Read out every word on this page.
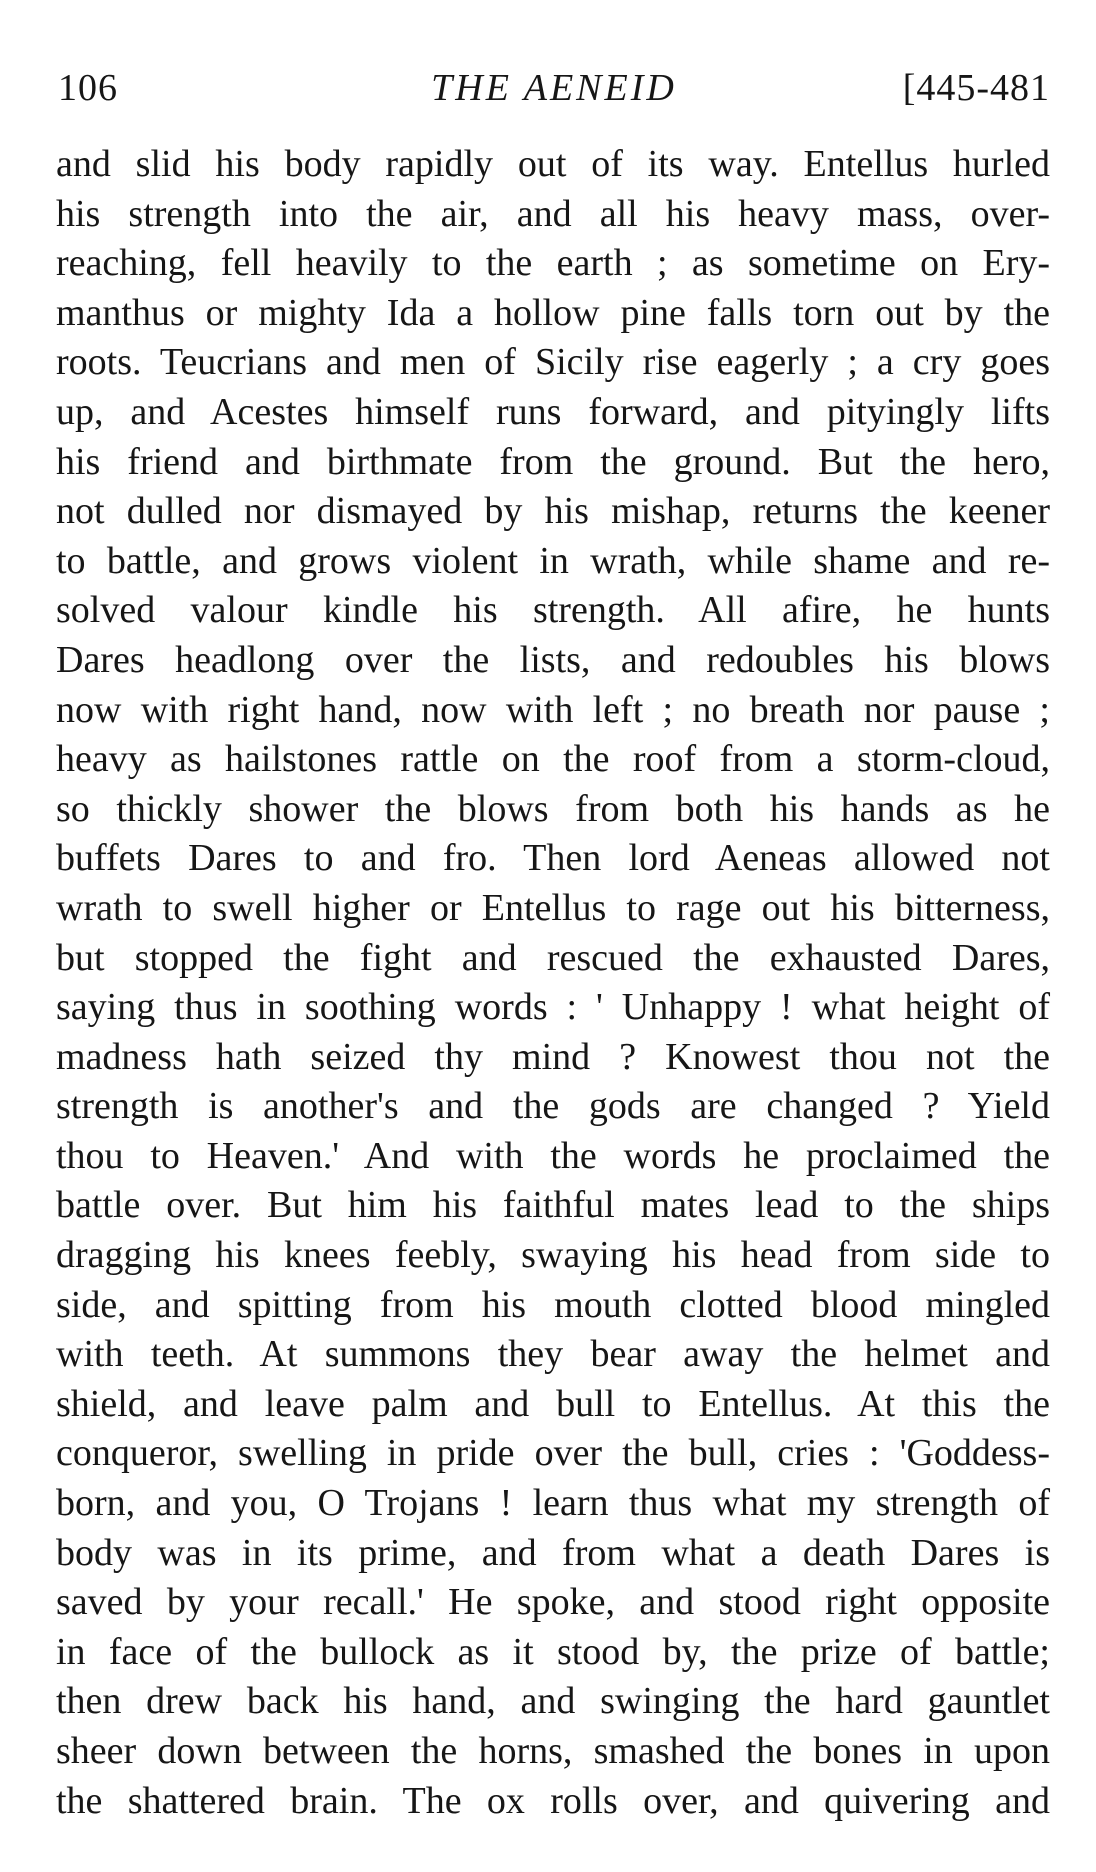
106	THE AENEID	[445-481
and slid his body rapidly out of its way. Entellus hurled
his strength into the air, and all his heavy mass, over-
reaching, fell heavily to the earth ; as sometime on Ery-
manthus or mighty Ida a hollow pine falls torn out by the
roots. Teucrians and men of Sicily rise eagerly ; a cry goes
up, and Acestes himself runs forward, and pityingly lifts
his friend and birthmate from the ground. But the hero,
not dulled nor dismayed by his mishap, returns the keener
to battle, and grows violent in wrath, while shame and re-
solved valour kindle his strength. All afire, he hunts
Dares headlong over the lists, and redoubles his blows
now with right hand, now with left ; no breath nor pause ;
heavy as hailstones rattle on the roof from a storm-cloud,
so thickly shower the blows from both his hands as he
buffets Dares to and fro. Then lord Aeneas allowed not
wrath to swell higher or Entellus to rage out his bitterness,
but stopped the fight and rescued the exhausted Dares,
saying thus in soothing words : ' Unhappy ! what height of
madness hath seized thy mind ? Knowest thou not the
strength is another's and the gods are changed ? Yield
thou to Heaven.' And with the words he proclaimed the
battle over. But him his faithful mates lead to the ships
dragging his knees feebly, swaying his head from side to
side, and spitting from his mouth clotted blood mingled
with teeth. At summons they bear away the helmet and
shield, and leave palm and bull to Entellus. At this the
conqueror, swelling in pride over the bull, cries : 'Goddess-
born, and you, O Trojans ! learn thus what my strength of
body was in its prime, and from what a death Dares is
saved by your recall.' He spoke, and stood right opposite
in face of the bullock as it stood by, the prize of battle;
then drew back his hand, and swinging the hard gauntlet
sheer down between the horns, smashed the bones in upon
the shattered brain. The ox rolls over, and quivering and
